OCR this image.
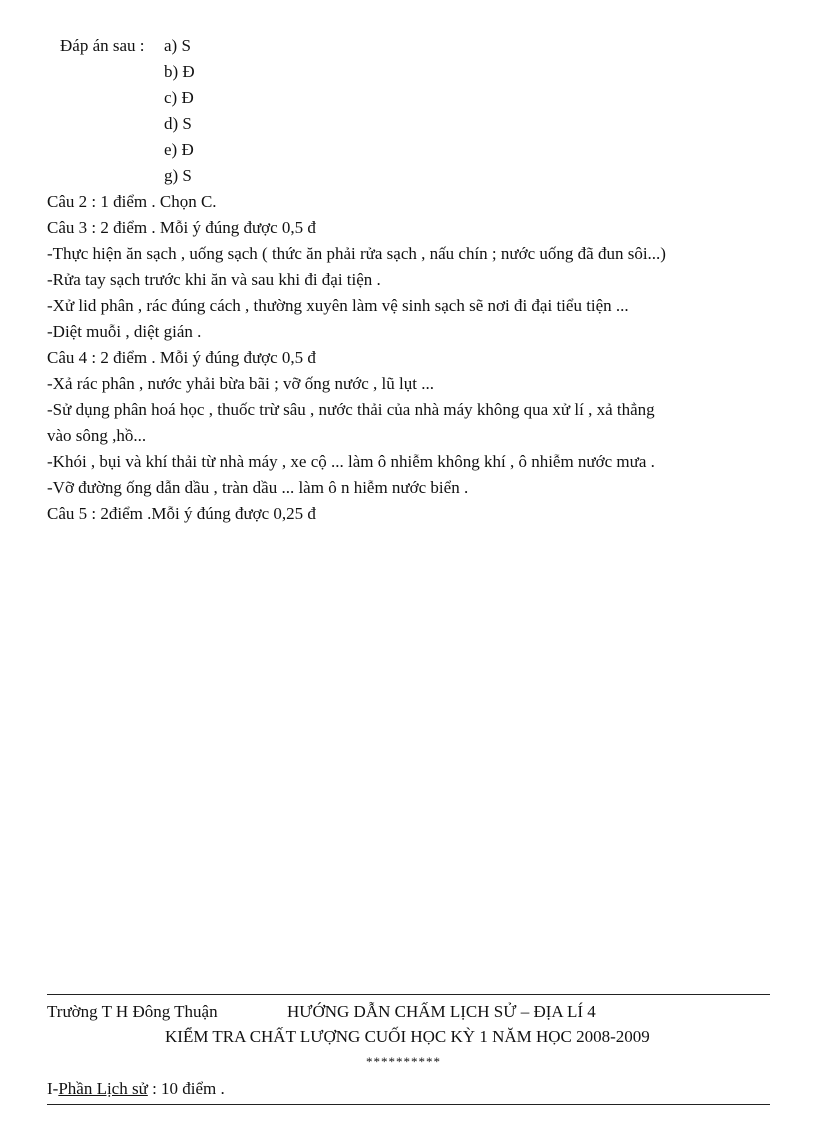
Đáp án sau : a) S
b) Đ
c) Đ
d) S
e) Đ
g) S
Câu 2 : 1 điểm . Chọn C.
Câu 3 : 2 điểm . Mỗi ý đúng được 0,5 đ
-Thực hiện ăn sạch , uống sạch ( thức ăn phải rửa sạch , nấu chín ; nước uống đã đun sôi...)
-Rửa tay sạch trước khi ăn và sau khi đi đại tiện .
-Xử lid phân , rác đúng cách , thường xuyên làm vệ sinh sạch sẽ nơi đi đại tiểu tiện ...
-Diệt muỗi , diệt gián .
Câu 4 : 2 điểm . Mỗi ý đúng được 0,5 đ
-Xả rác phân , nước yhải bừa bãi ; vỡ ống nước , lũ lụt ...
-Sử dụng phân hoá học , thuốc trừ sâu , nước thải của nhà máy không qua xử lí , xả thẳng
vào sông ,hồ...
-Khói , bụi và khí thải từ nhà máy , xe cộ ... làm ô nhiễm không khí , ô nhiễm nước mưa .
-Vỡ đường ống dẫn dầu , tràn dầu ... làm ô n hiễm nước biển .
Câu 5 : 2điểm .Mỗi ý đúng được 0,25 đ
Trường T H Đông Thuận	HƯỚNG DẪN CHẤM LỊCH SỬ – ĐỊA LÍ 4
KIỂM TRA CHẤT LƯỢNG CUỐI HỌC KỲ 1 NĂM HỌC 2008-2009
**********
I-Phần Lịch sử : 10 điểm .
